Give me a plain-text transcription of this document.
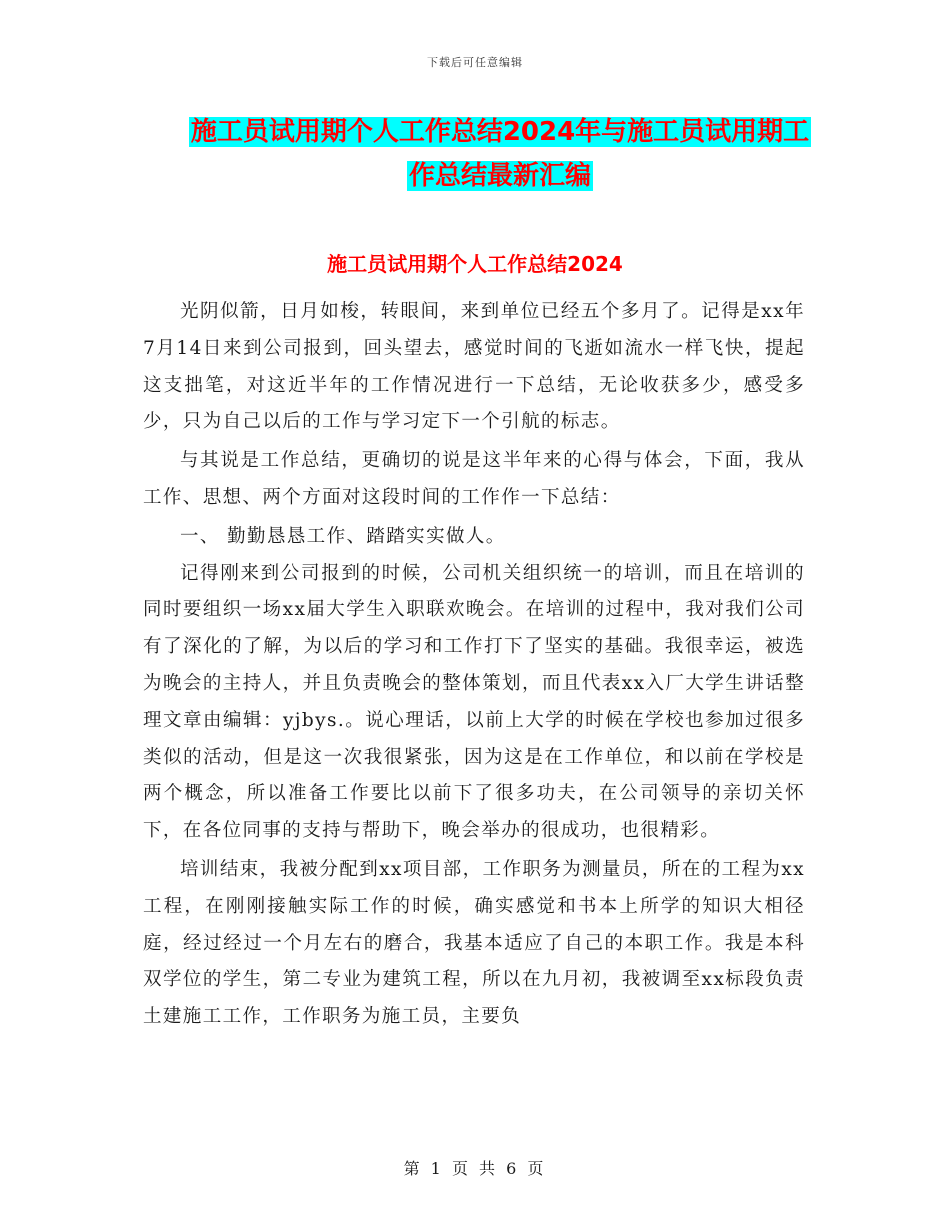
下载后可任意编辑
施工员试用期个人工作总结2024年与施工员试用期工
作总结最新汇编
施工员试用期个人工作总结2024

光阴似箭，日月如梭，转眼间，来到单位已经五个多月了。记得是xx年7月14日来到公司报到，回头望去，感觉时间的飞逝如流水一样飞快，提起这支拙笔，对这近半年的工作情况进行一下总结，无论收获多少，感受多少，只为自己以后的工作与学习定下一个引航的标志。

与其说是工作总结，更确切的说是这半年来的心得与体会，下面，我从工作、思想、两个方面对这段时间的工作作一下总结：

一、 勤勤恳恳工作、踏踏实实做人。

记得刚来到公司报到的时候，公司机关组织统一的培训，而且在培训的同时要组织一场xx届大学生入职联欢晚会。在培训的过程中，我对我们公司有了深化的了解，为以后的学习和工作打下了坚实的基础。我很幸运，被选为晚会的主持人，并且负责晚会的整体策划，而且代表xx入厂大学生讲话整理文章由编辑：yjbys.。说心理话，以前上大学的时候在学校也参加过很多类似的活动，但是这一次我很紧张，因为这是在工作单位，和以前在学校是两个概念，所以准备工作要比以前下了很多功夫，在公司领导的亲切关怀下，在各位同事的支持与帮助下，晚会举办的很成功，也很精彩。

培训结束，我被分配到xx项目部，工作职务为测量员，所在的工程为xx工程，在刚刚接触实际工作的时候，确实感觉和书本上所学的知识大相径庭，经过经过一个月左右的磨合，我基本适应了自己的本职工作。我是本科双学位的学生，第二专业为建筑工程，所以在九月初，我被调至xx标段负责土建施工工作，工作职务为施工员，主要负

第 1 页 共 6 页
